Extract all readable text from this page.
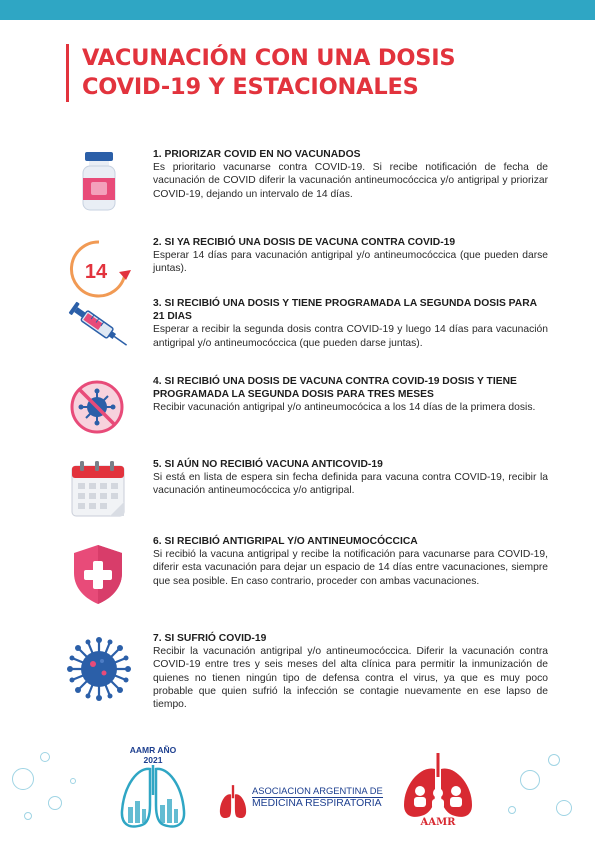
VACUNACIÓN CON UNA DOSIS
COVID-19 Y ESTACIONALES
1. PRIORIZAR COVID EN NO VACUNADOS
Es prioritario vacunarse contra COVID-19. Si recibe notificación de fecha de vacunación de COVID diferir la vacunación antineumocóccica y/o antigripal y priorizar COVID-19, dejando un intervalo de 14 días.
14
2. SI YA RECIBIÓ UNA DOSIS DE VACUNA CONTRA COVID-19
Esperar 14 días para vacunación antigripal y/o antineumocóccica (que pueden darse juntas).
3. SI RECIBIÓ UNA DOSIS Y TIENE PROGRAMADA LA SEGUNDA DOSIS PARA 21 DIAS
Esperar a recibir la segunda dosis contra COVID-19 y luego 14 días para vacunación antigripal y/o antineumocóccica (que pueden darse juntas).
4. SI RECIBIÓ UNA DOSIS DE VACUNA CONTRA COVID-19 DOSIS Y TIENE PROGRAMADA LA SEGUNDA DOSIS PARA TRES MESES
Recibir vacunación antigripal y/o antineumocócica a los 14 días de la primera dosis.
5. SI AÚN NO RECIBIÓ VACUNA ANTICOVID-19
Si está en lista de espera sin fecha definida para vacuna contra COVID-19, recibir la vacunación antineumocóccica y/o antigripal.
6. SI RECIBIÓ ANTIGRIPAL Y/O ANTINEUMOCÓCCICA
Si recibió la vacuna antigripal y recibe la notificación para vacunarse para COVID-19, diferir esta vacunación para dejar un espacio de 14 días entre vacunaciones, siempre que sea posible. En caso contrario, proceder con ambas vacunaciones.
7. SI SUFRIÓ COVID-19
Recibir la vacunación antigripal y/o antineumocóccica. Diferir la vacunación contra COVID-19 entre tres y seis meses del alta clínica para permitir la inmunización de quienes no tienen ningún tipo de defensa contra el virus, ya que es muy poco probable que quien sufrió la infección se contagie nuevamente en ese lapso de tiempo.
AAMR AÑO
2021
ASOCIACION ARGENTINA DE
MEDICINA RESPIRATORIA
AAMR
